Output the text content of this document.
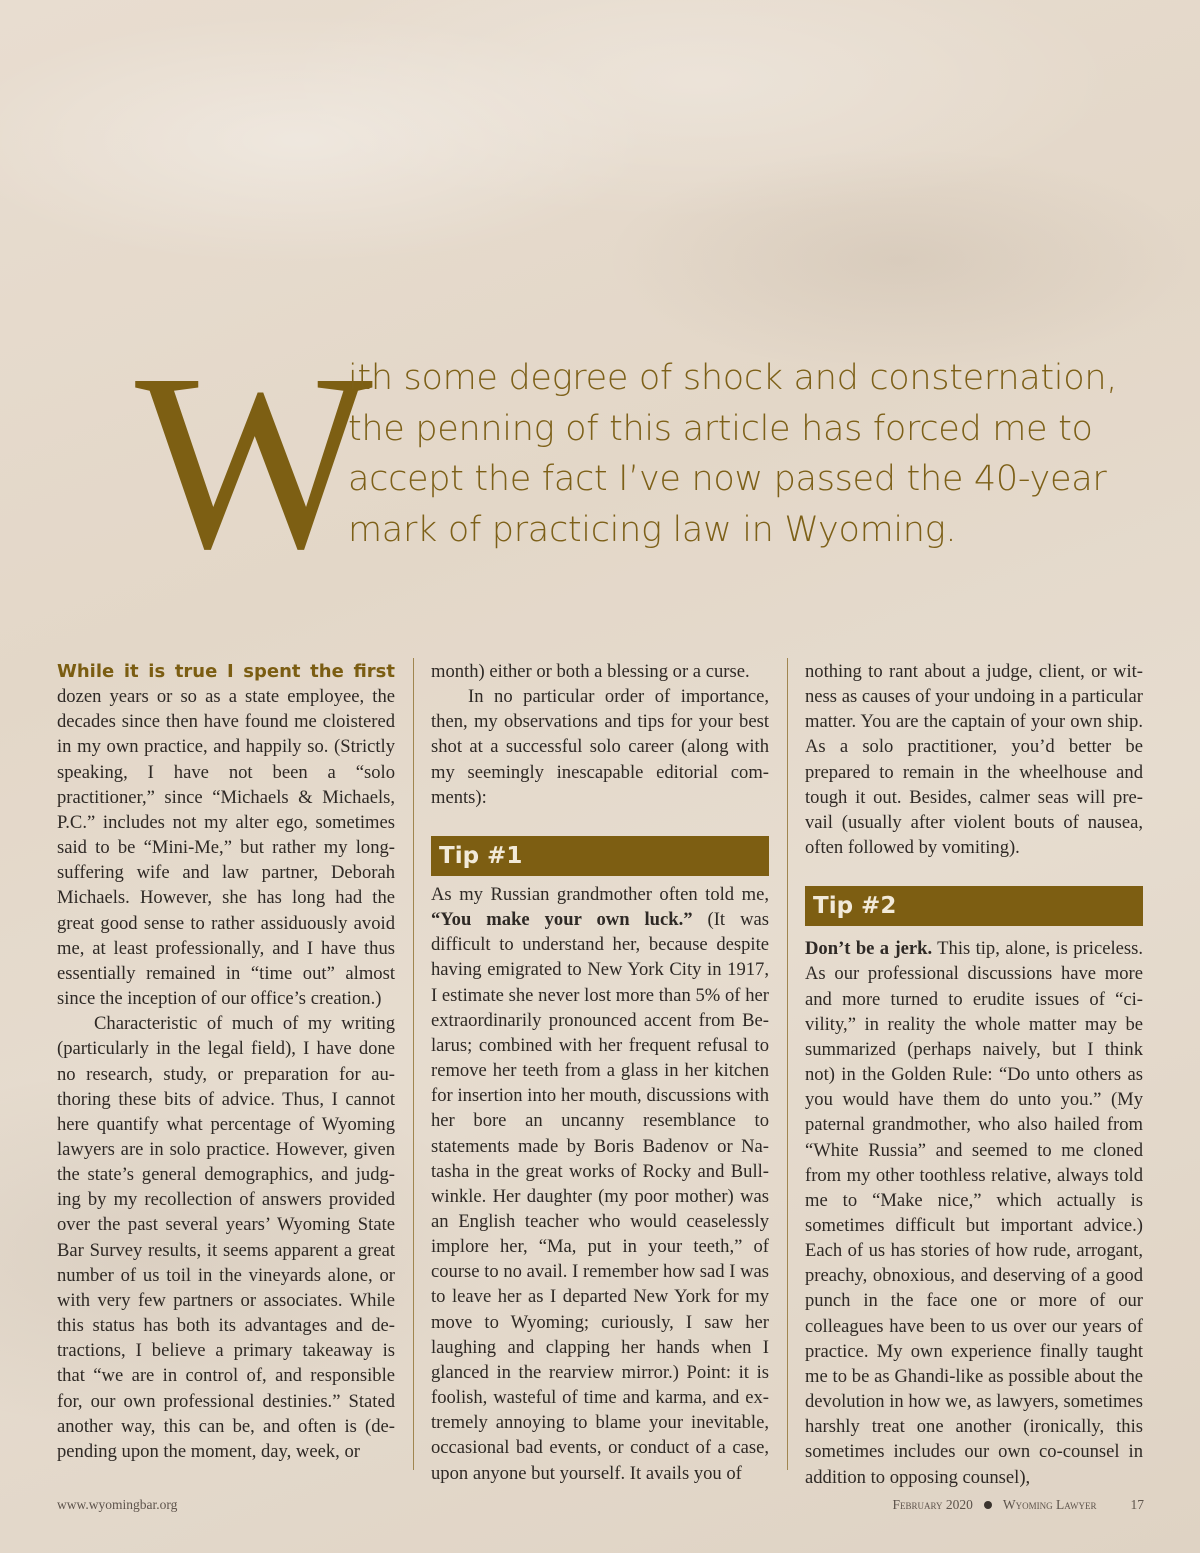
W
ith some degree of shock and consternation,
the penning of this article has forced me to
accept the fact I’ve now passed the 40-year
mark of practicing law in Wyoming.

While it is true I spent the first dozen years or so as a state employee, the decades since then have found me cloistered in my own practice, and happily so. (Strictly speaking, I have not been a “solo practitioner,” since “Michaels & Michaels, P.C.” includes not my alter ego, sometimes said to be “Mini-Me,” but rather my long-suffering wife and law partner, Deborah Michaels. However, she has long had the great good sense to rather assiduously avoid me, at least professionally, and I have thus essentially remained in “time out” almost since the inception of our office’s creation.)

Characteristic of much of my writing (particularly in the legal field), I have done no research, study, or preparation for authoring these bits of advice. Thus, I cannot here quantify what percentage of Wyoming lawyers are in solo practice. However, given the state’s general demographics, and judging by my recollection of answers provided over the past several years’ Wyoming State Bar Survey results, it seems apparent a great number of us toil in the vineyards alone, or with very few partners or associates. While this status has both its advantages and detractions, I believe a primary takeaway is that “we are in control of, and responsible for, our own professional destinies.” Stated another way, this can be, and often is (depending upon the moment, day, week, or

month) either or both a blessing or a curse.

In no particular order of importance, then, my observations and tips for your best shot at a successful solo career (along with my seemingly inescapable editorial comments):

Tip #1

As my Russian grandmother often told me, “You make your own luck.” (It was difficult to understand her, because despite having emigrated to New York City in 1917, I estimate she never lost more than 5% of her extraordinarily pronounced accent from Belarus; combined with her frequent refusal to remove her teeth from a glass in her kitchen for insertion into her mouth, discussions with her bore an uncanny resemblance to statements made by Boris Badenov or Natasha in the great works of Rocky and Bullwinkle. Her daughter (my poor mother) was an English teacher who would ceaselessly implore her, “Ma, put in your teeth,” of course to no avail. I remember how sad I was to leave her as I departed New York for my move to Wyoming; curiously, I saw her laughing and clapping her hands when I glanced in the rearview mirror.) Point: it is foolish, wasteful of time and karma, and extremely annoying to blame your inevitable, occasional bad events, or conduct of a case, upon anyone but yourself. It avails you of

nothing to rant about a judge, client, or witness as causes of your undoing in a particular matter. You are the captain of your own ship. As a solo practitioner, you’d better be prepared to remain in the wheelhouse and tough it out. Besides, calmer seas will prevail (usually after violent bouts of nausea, often followed by vomiting).

Tip #2

Don’t be a jerk. This tip, alone, is priceless. As our professional discussions have more and more turned to erudite issues of “civility,” in reality the whole matter may be summarized (perhaps naively, but I think not) in the Golden Rule: “Do unto others as you would have them do unto you.” (My paternal grandmother, who also hailed from “White Russia” and seemed to me cloned from my other toothless relative, always told me to “Make nice,” which actually is sometimes difficult but important advice.) Each of us has stories of how rude, arrogant, preachy, obnoxious, and deserving of a good punch in the face one or more of our colleagues have been to us over our years of practice. My own experience finally taught me to be as Ghandi-like as possible about the devolution in how we, as lawyers, sometimes harshly treat one another (ironically, this sometimes includes our own co-counsel in addition to opposing counsel),

www.wyomingbar.org	February 2020 Wyoming Lawyer	17
